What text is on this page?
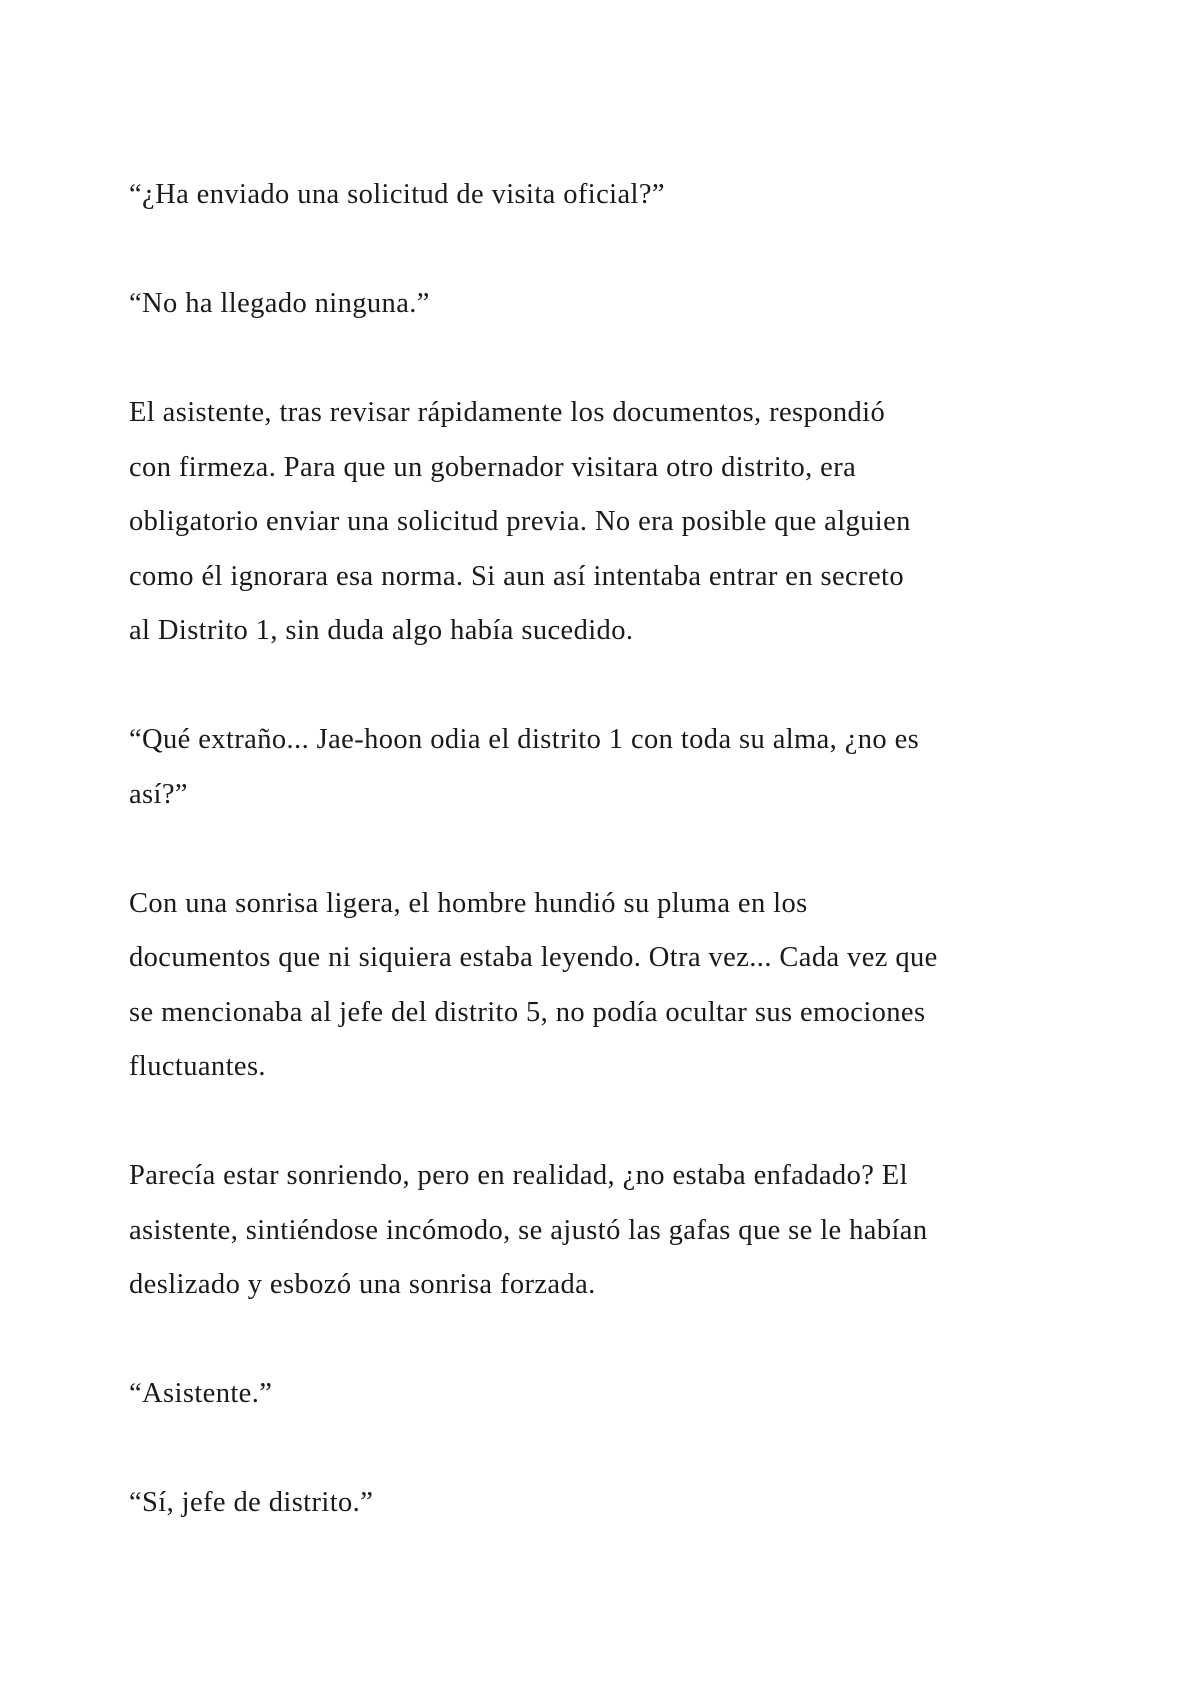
“¿Ha enviado una solicitud de visita oficial?”

“No ha llegado ninguna.”

El asistente, tras revisar rápidamente los documentos, respondió
con firmeza. Para que un gobernador visitara otro distrito, era
obligatorio enviar una solicitud previa. No era posible que alguien
como él ignorara esa norma. Si aun así intentaba entrar en secreto
al Distrito 1, sin duda algo había sucedido.

“Qué extraño... Jae-hoon odia el distrito 1 con toda su alma, ¿no es
así?”

Con una sonrisa ligera, el hombre hundió su pluma en los
documentos que ni siquiera estaba leyendo. Otra vez... Cada vez que
se mencionaba al jefe del distrito 5, no podía ocultar sus emociones
fluctuantes.

Parecía estar sonriendo, pero en realidad, ¿no estaba enfadado? El
asistente, sintiéndose incómodo, se ajustó las gafas que se le habían
deslizado y esbozó una sonrisa forzada.

“Asistente.”

“Sí, jefe de distrito.”
